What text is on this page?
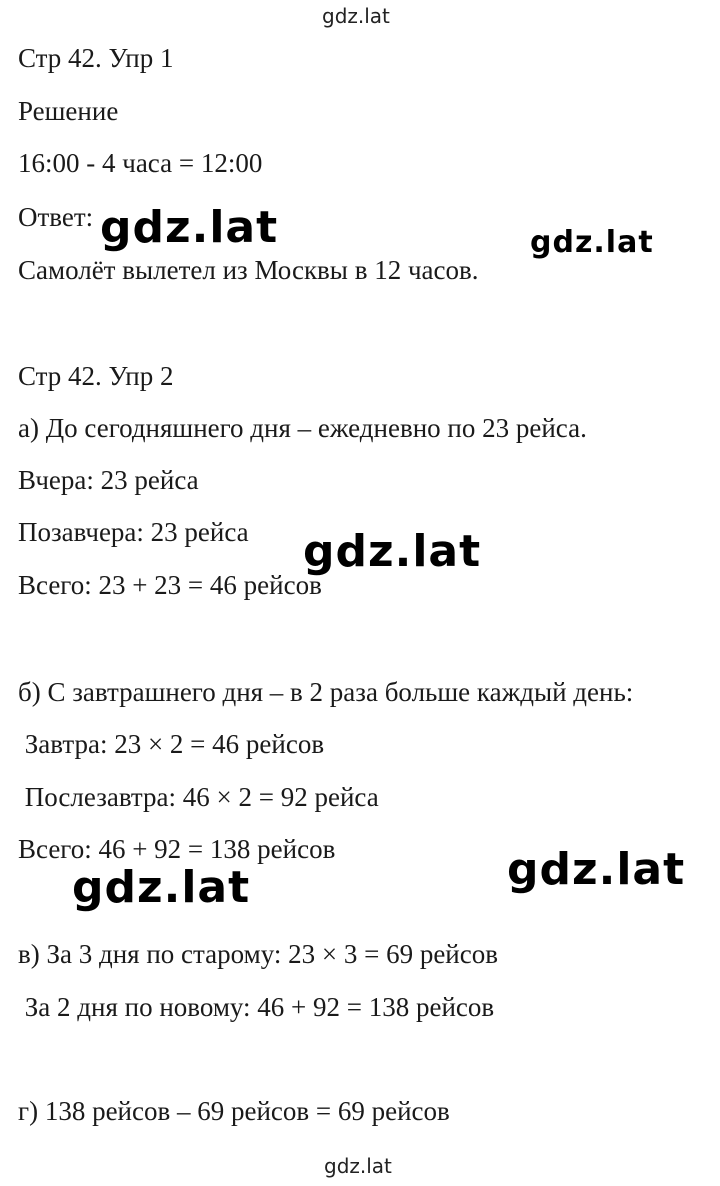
gdz.lat
Стр 42. Упр 1
Решение
16:00 - 4 часа = 12:00
Ответ:
Самолёт вылетел из Москвы в 12 часов.
Стр 42. Упр 2
а) До сегодняшнего дня – ежедневно по 23 рейса.
Вчера: 23 рейса
Позавчера: 23 рейса
Всего: 23 + 23 = 46 рейсов
б) С завтрашнего дня – в 2 раза больше каждый день:
Завтра: 23 × 2 = 46 рейсов
Послезавтра: 46 × 2 = 92 рейса
Всего: 46 + 92 = 138 рейсов
в) За 3 дня по старому: 23 × 3 = 69 рейсов
За 2 дня по новому: 46 + 92 = 138 рейсов
г) 138 рейсов – 69 рейсов = 69 рейсов
gdz.lat	gdz.lat
gdz.lat
gdz.lat
gdz.lat
gdz.lat
